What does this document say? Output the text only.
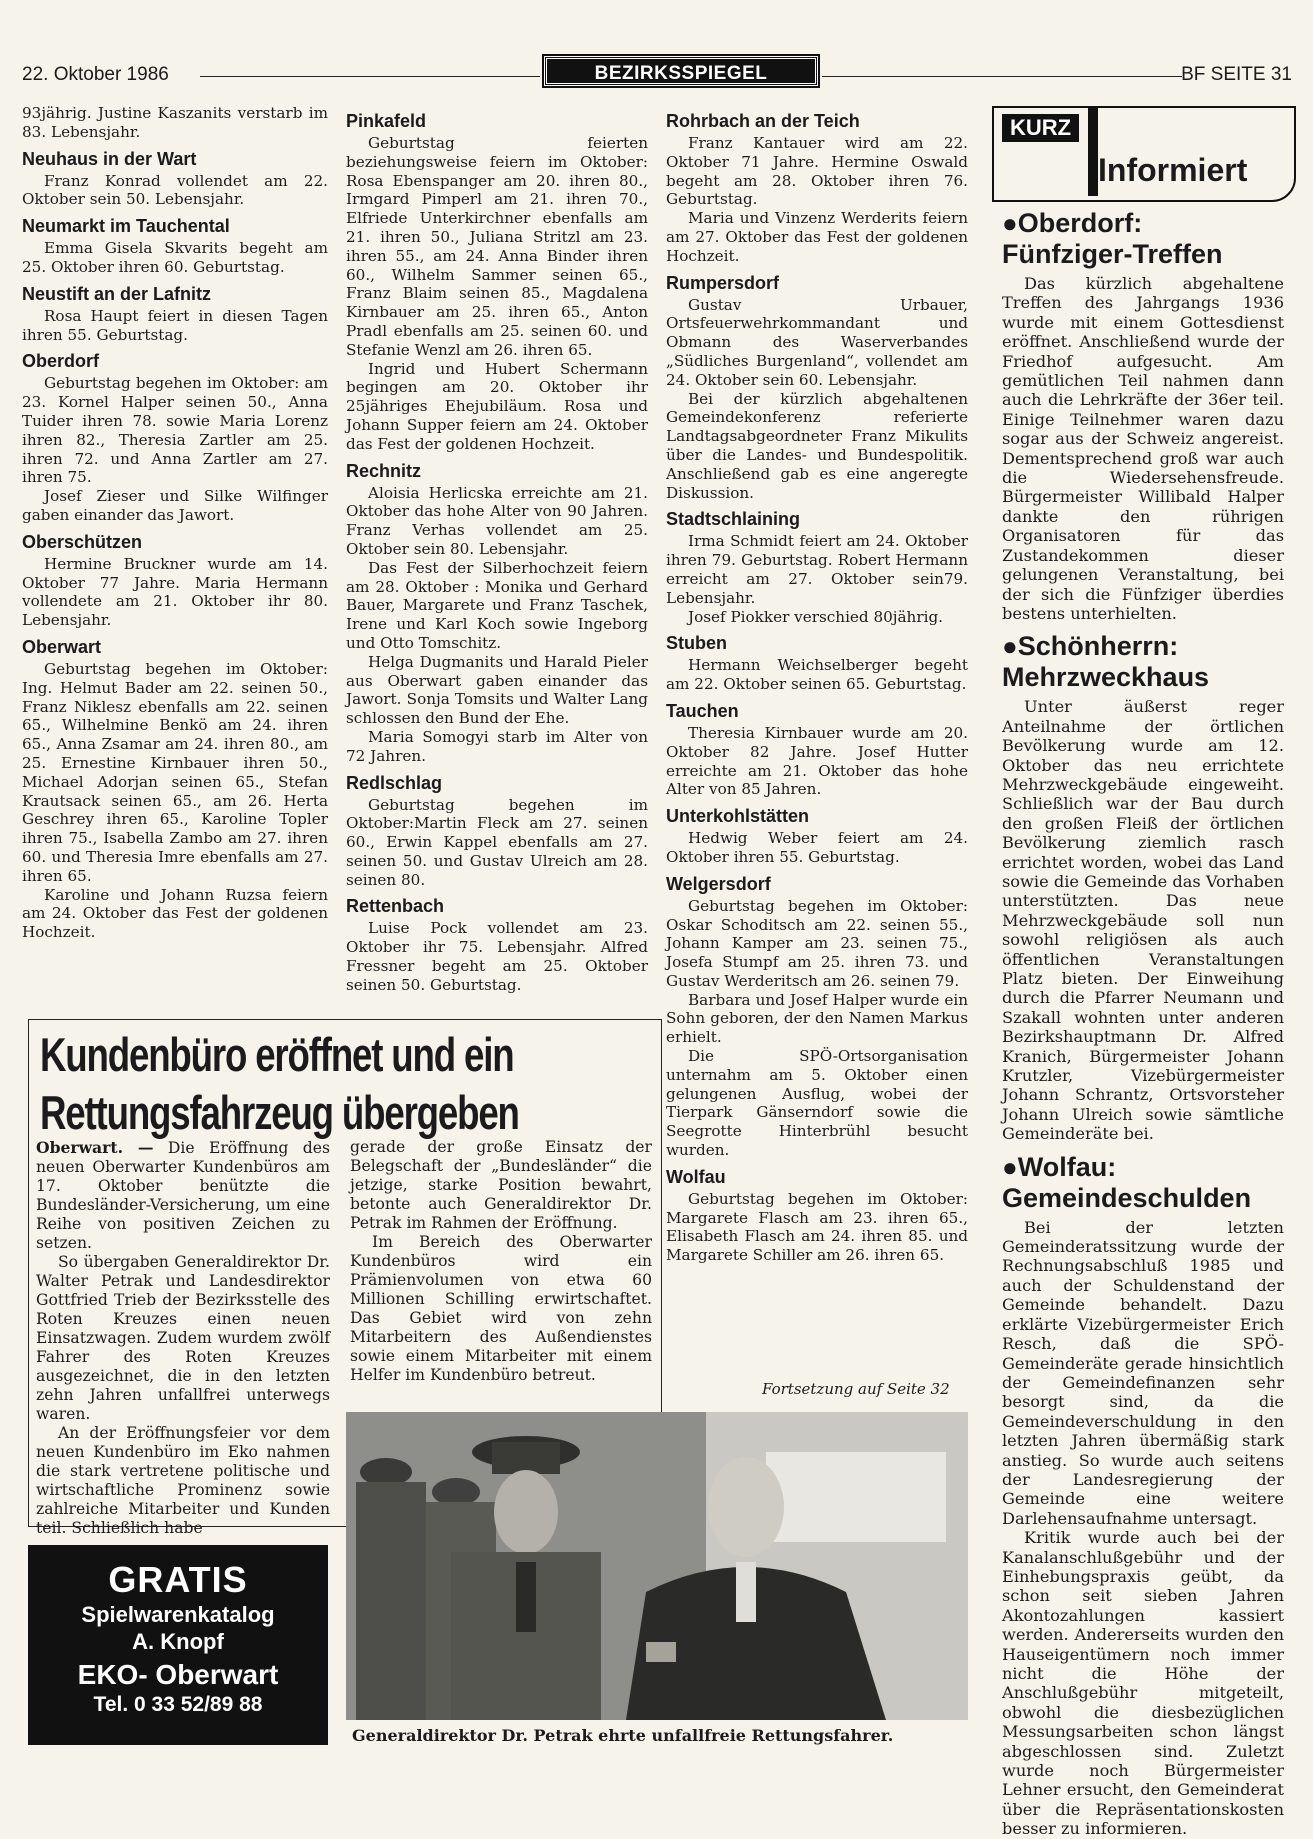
22. Oktober 1986	BEZIRKSSPIEGEL	BF SEITE 31

93jährig. Justine Kaszanits verstarb im 83. Lebensjahr.

Neuhaus in der Wart

Franz Konrad vollendet am 22. Oktober sein 50. Lebensjahr.

Neumarkt im Tauchental

Emma Gisela Skvarits begeht am 25. Oktober ihren 60. Geburtstag.

Neustift an der Lafnitz

Rosa Haupt feiert in diesen Tagen ihren 55. Geburtstag.

Oberdorf

Geburtstag begehen im Oktober: am 23. Kornel Halper seinen 50., Anna Tuider ihren 78. sowie Maria Lorenz ihren 82., Theresia Zartler am 25. ihren 72. und Anna Zartler am 27. ihren 75.

Josef Zieser und Silke Wilfinger gaben einander das Jawort.

Oberschützen

Hermine Bruckner wurde am 14. Oktober 77 Jahre. Maria Hermann vollendete am 21. Oktober ihr 80. Lebensjahr.

Oberwart

Geburtstag begehen im Oktober: Ing. Helmut Bader am 22. seinen 50., Franz Niklesz ebenfalls am 22. seinen 65., Wilhelmine Benkö am 24. ihren 65., Anna Zsamar am 24. ihren 80., am 25. Ernestine Kirnbauer ihren 50., Michael Adorjan seinen 65., Stefan Krautsack seinen 65., am 26. Herta Geschrey ihren 65., Karoline Topler ihren 75., Isabella Zambo am 27. ihren 60. und Theresia Imre ebenfalls am 27. ihren 65.

Karoline und Johann Ruzsa feiern am 24. Oktober das Fest der goldenen Hochzeit.

Pinkafeld

Geburtstag feierten beziehungsweise feiern im Oktober: Rosa Ebenspanger am 20. ihren 80., Irmgard Pimperl am 21. ihren 70., Elfriede Unterkirchner ebenfalls am 21. ihren 50., Juliana Stritzl am 23. ihren 55., am 24. Anna Binder ihren 60., Wilhelm Sammer seinen 65., Franz Blaim seinen 85., Magdalena Kirnbauer am 25. ihren 65., Anton Pradl ebenfalls am 25. seinen 60. und Stefanie Wenzl am 26. ihren 65.

Ingrid und Hubert Schermann begingen am 20. Oktober ihr 25jähriges Ehejubiläum. Rosa und Johann Supper feiern am 24. Oktober das Fest der goldenen Hochzeit.

Rechnitz

Aloisia Herlicska erreichte am 21. Oktober das hohe Alter von 90 Jahren. Franz Verhas vollendet am 25. Oktober sein 80. Lebensjahr.

Das Fest der Silberhochzeit feiern am 28. Oktober : Monika und Gerhard Bauer, Margarete und Franz Taschek, Irene und Karl Koch sowie Ingeborg und Otto Tomschitz.

Helga Dugmanits und Harald Pieler aus Oberwart gaben einander das Jawort. Sonja Tomsits und Walter Lang schlossen den Bund der Ehe.

Maria Somogyi starb im Alter von 72 Jahren.

Redlschlag

Geburtstag begehen im Oktober:Martin Fleck am 27. seinen 60., Erwin Kappel ebenfalls am 27. seinen 50. und Gustav Ulreich am 28. seinen 80.

Rettenbach

Luise Pock vollendet am 23. Oktober ihr 75. Lebensjahr. Alfred Fressner begeht am 25. Oktober seinen 50. Geburtstag.

Rohrbach an der Teich

Franz Kantauer wird am 22. Oktober 71 Jahre. Hermine Oswald begeht am 28. Oktober ihren 76. Geburtstag.

Maria und Vinzenz Werderits feiern am 27. Oktober das Fest der goldenen Hochzeit.

Rumpersdorf

Gustav Urbauer, Ortsfeuerwehrkommandant und Obmann des Waserverbandes „Südliches Burgenland“, vollendet am 24. Oktober sein 60. Lebensjahr.

Bei der kürzlich abgehaltenen Gemeindekonferenz referierte Landtagsabgeordneter Franz Mikulits über die Landes- und Bundespolitik. Anschließend gab es eine angeregte Diskussion.

Stadtschlaining

Irma Schmidt feiert am 24. Oktober ihren 79. Geburtstag. Robert Hermann erreicht am 27. Oktober sein79. Lebensjahr.

Josef Piokker verschied 80jährig.

Stuben

Hermann Weichselberger begeht am 22. Oktober seinen 65. Geburtstag.

Tauchen

Theresia Kirnbauer wurde am 20. Oktober 82 Jahre. Josef Hutter erreichte am 21. Oktober das hohe Alter von 85 Jahren.

Unterkohlstätten

Hedwig Weber feiert am 24. Oktober ihren 55. Geburtstag.

Welgersdorf

Geburtstag begehen im Oktober: Oskar Schoditsch am 22. seinen 55., Johann Kamper am 23. seinen 75., Josefa Stumpf am 25. ihren 73. und Gustav Werderitsch am 26. seinen 79.

Barbara und Josef Halper wurde ein Sohn geboren, der den Namen Markus erhielt.

Die SPÖ-Ortsorganisation unternahm am 5. Oktober einen gelungenen Ausflug, wobei der Tierpark Gänserndorf sowie die Seegrotte Hinterbrühl besucht wurden.

Wolfau

Geburtstag begehen im Oktober: Margarete Flasch am 23. ihren 65., Elisabeth Flasch am 24. ihren 85. und Margarete Schiller am 26. ihren 65.

Fortsetzung auf Seite 32
KURZ
Informiert
●Oberdorf:
Fünfziger-Treffen

Das kürzlich abgehaltene Treffen des Jahrgangs 1936 wurde mit einem Gottesdienst eröffnet. Anschließend wurde der Friedhof aufgesucht. Am gemütlichen Teil nahmen dann auch die Lehrkräfte der 36er teil. Einige Teilnehmer waren dazu sogar aus der Schweiz angereist. Dementsprechend groß war auch die Wiedersehensfreude. Bürgermeister Willibald Halper dankte den rührigen Organisatoren für das Zustandekommen dieser gelungenen Veranstaltung, bei der sich die Fünfziger überdies bestens unterhielten.

●Schönherrn:
Mehrzweckhaus

Unter äußerst reger Anteilnahme der örtlichen Bevölkerung wurde am 12. Oktober das neu errichtete Mehrzweckgebäude eingeweiht. Schließlich war der Bau durch den großen Fleiß der örtlichen Bevölkerung ziemlich rasch errichtet worden, wobei das Land sowie die Gemeinde das Vorhaben unterstützten. Das neue Mehrzweckgebäude soll nun sowohl religiösen als auch öffentlichen Veranstaltungen Platz bieten. Der Einweihung durch die Pfarrer Neumann und Szakall wohnten unter anderen Bezirkshauptmann Dr. Alfred Kranich, Bürgermeister Johann Krutzler, Vizebürgermeister Johann Schrantz, Ortsvorsteher Johann Ulreich sowie sämtliche Gemeinderäte bei.

●Wolfau:
Gemeindeschulden

Bei der letzten Gemeinderatssitzung wurde der Rechnungsabschluß 1985 und auch der Schuldenstand der Gemeinde behandelt. Dazu erklärte Vizebürgermeister Erich Resch, daß die SPÖ-Gemeinderäte gerade hinsichtlich der Gemeindefinanzen sehr besorgt sind, da die Gemeindeverschuldung in den letzten Jahren übermäßig stark anstieg. So wurde auch seitens der Landesregierung der Gemeinde eine weitere Darlehensaufnahme untersagt.

Kritik wurde auch bei der Kanalanschlußgebühr und der Einhebungspraxis geübt, da schon seit sieben Jahren Akontozahlungen kassiert werden. Andererseits wurden den Hauseigentümern noch immer nicht die Höhe der Anschlußgebühr mitgeteilt, obwohl die diesbezüglichen Messungsarbeiten schon längst abgeschlossen sind. Zuletzt wurde noch Bürgermeister Lehner ersucht, den Gemeinderat über die Repräsentationskosten besser zu informieren.

Kundenbüro eröffnet und ein
Rettungsfahrzeug übergeben

Oberwart. — Die Eröffnung des neuen Oberwarter Kundenbüros am 17. Oktober benützte die Bundesländer-Versicherung, um eine Reihe von positiven Zeichen zu setzen.

So übergaben Generaldirektor Dr. Walter Petrak und Landesdirektor Gottfried Trieb der Bezirksstelle des Roten Kreuzes einen neuen Einsatzwagen. Zudem wurdem zwölf Fahrer des Roten Kreuzes ausgezeichnet, die in den letzten zehn Jahren unfallfrei unterwegs waren.

An der Eröffnungsfeier vor dem neuen Kundenbüro im Eko nahmen die stark vertretene politische und wirtschaftliche Prominenz sowie zahlreiche Mitarbeiter und Kunden teil. Schließlich habe

gerade der große Einsatz der Belegschaft der „Bundesländer“ die jetzige, starke Position bewahrt, betonte auch Generaldirektor Dr. Petrak im Rahmen der Eröffnung.

Im Bereich des Oberwarter Kundenbüros wird ein Prämienvolumen von etwa 60 Millionen Schilling erwirtschaftet. Das Gebiet wird von zehn Mitarbeitern des Außendienstes sowie einem Mitarbeiter mit einem Helfer im Kundenbüro betreut.

GRATIS
Spielwarenkatalog
A. Knopf
EKO- Oberwart
Tel. 0 33 52/89 88
Generaldirektor Dr. Petrak ehrte unfallfreie Rettungsfahrer.
